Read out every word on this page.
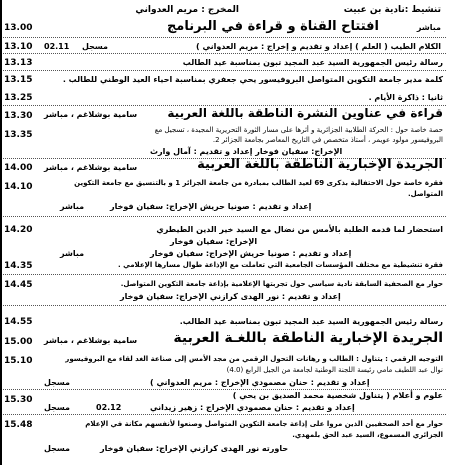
تنشيط :نادية بن عبيت
المخرج : مريم العدواني
13.00	افتتاح القناة و قراءة في البرنامج	مباشر
13.10	الكلام الطيب ( العلم ) إعداد و تقديم و إخراج : مريم العدواني )
02.11 مسجل
13.13	رسالة رئيس الجمهورية السيد عبد المجيد تبون بمناسبة عيد الطالب
13.15	كلمة مدير جامعة التكوين المتواصل البروفيسور يحي جعفري بمناسبة احياء العيد الوطني للطالب .
13.25	ثانيا : ذاكرة الأيام .
13.30	قراءة في عناوين النشرة الناطقة باللغة العربية
سامية بوشلاغم ، مباشر
13.35	حصة خاصة حول : الحركة الطلابية الجزائرية و أثرها على مسار الثورة التحريرية المجيدة ، تسجيل مع
البروفيسور مولود عويمر ، أستاذ متخصص في التاريخ المعاصر بجامعة الجزائر 2.
الإخراج: سفيان فوخار إعداد و تقديم : آمال وارث
14.00	الجريدة الإخبارية الناطقة باللغة العربية
سامية بوشلاغم ، مباشر
14.10	فقرة خاصة حول الاحتفالية بذكرى 69 لعيد الطالب بمبادرة من جامعة الجزائر 1 و بالتنسيق مع جامعة التكوين
المتواصل.
إعداد و تقديم : صونيا حريش الإخراج: سفيان فوخار
مباشر
14.20	استحضار لما قدمه الطلبة بالأمس من نضال مع السيد خير الدين الطيطري
الإخراج: سفيان فوخار
إعداد و تقديم : صونيا حريش الإخراج: سفيان فوخار
مباشر
14.35	فقرة تنشيطية مع مختلف المؤسسات الجامعية التي تعاملت مع الإذاعة طوال مسارها الإعلامي .
14.45	حوار مع الصحفية السابقة نادية سياسي حول تجربتها الإعلامية بإذاعة جامعة التكوين المتواصل.
إعداد و تقديم : نور الهدى كرازني الإخراج: سفيان فوخار
14.55	رسالة رئيس الجمهورية السيد عبد المجيد تبون بمناسبة عيد الطالب.
15.00	الجريدة الإخبارية الناطقة باللغـة العربية
سامية بوشلاغم ، مباشر
15.10	التوجيه الرقمي : يتناول : الطالب و رهانات التحول الرقمي من مجد الأمس إلى صناعة الغد لقاء مع البروفيسور
نوال عبد اللطيف مامي رئيسة اللجنة الوطنية لجامعة من الجيل الرابع (4.0)
إعداد و تقديم : حنان مصمودي الإخراج : مريم العدواني )
مسجل
15.30	علوم و أعلام ( يتناول شخصية محمد الصديق بن يحي )
إعداد و تقديم : حنان مصمودي الإخراج : زهير زيداني
02.12
مسجل
15.48	حوار مع أحد الصحفيين الذين مروا على إذاعة جامعة التكوين المتواصل وصنعوا لأنفسهم مكانة في الإعلام
الجزائري المسموع، السيد عبد الحق بلمهدي.
حاورته نور الهدى كرازني الإخراج: سفيان فوخار
مسجل
